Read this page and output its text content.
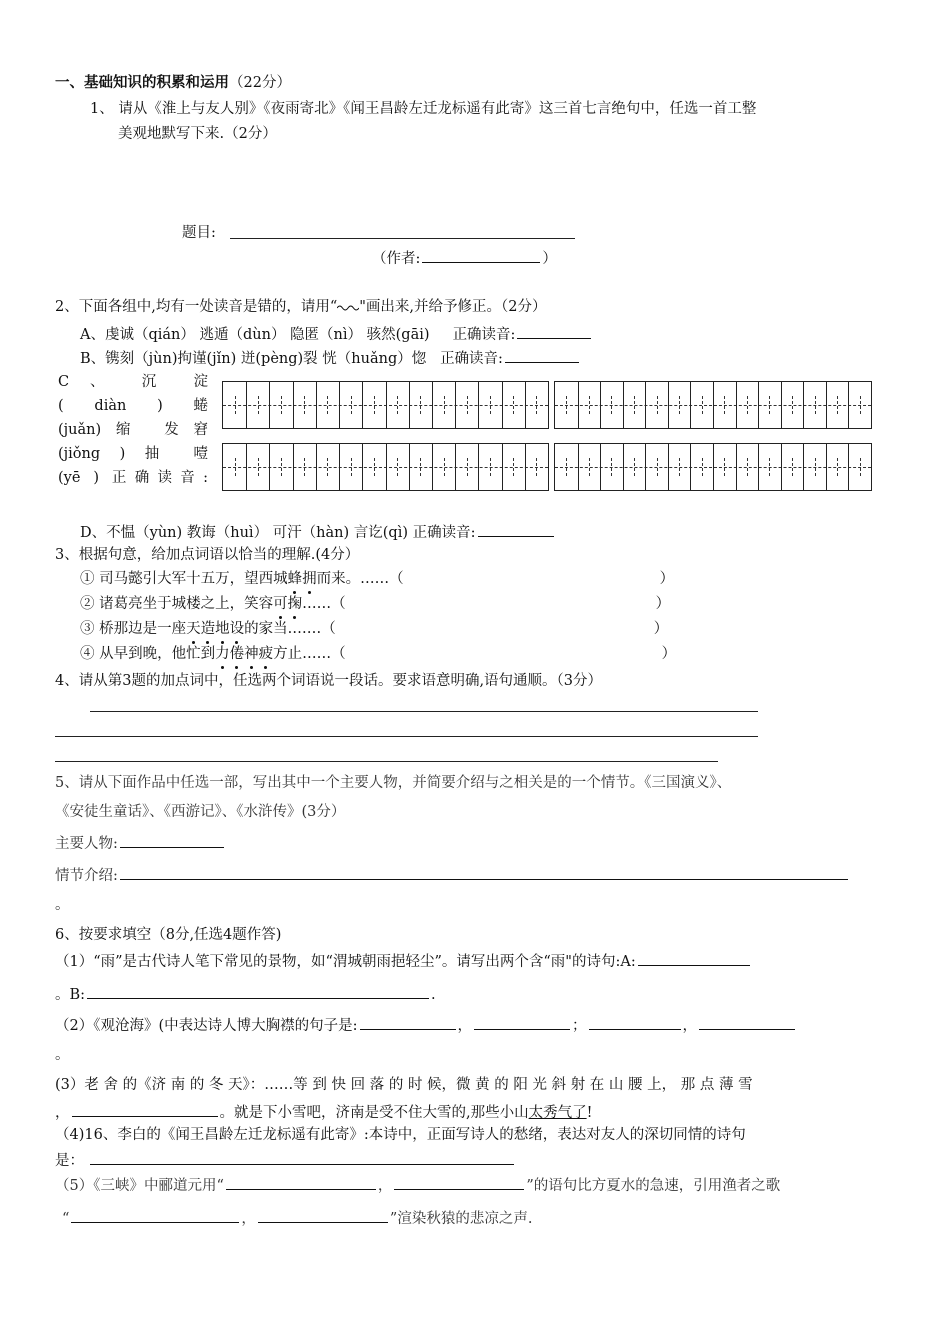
一、基础知识的积累和运用（22分）
1、 请从《淮上与友人别》《夜雨寄北》《闻王昌龄左迁龙标遥有此寄》这三首七言绝句中，任选一首工整
美观地默写下来.（2分）
题目:
（作者:	）
2、下面各组中,均有一处读音是错的，请用“ "画出来,并给予修正。（2分）
A、虔诚（qián） 逃遁（dùn） 隐匿（nì） 骇然(gāi) 正确读音:
B、镌刻（jùn)拘谨(jǐn) 迸(pèng)裂 恍（huǎng）惚 正确读音:
C 、 沉 淀
( diàn ) 蜷
(juǎn)缩 发窘
(jiǒng ) 抽 噎
(yē ) 正确读音:
D、不愠（yùn) 教诲（huì） 可汗（hàn) 言讫(qì) 正确读音:
3、根据句意，给加点词语以恰当的理解.(4分）
① 司马懿引大军十五万，望西城蜂拥而来。……（	）
② 诸葛亮坐于城楼之上，笑容可掬……（	）
③ 桥那边是一座天造地设的家当.……（	）
④ 从早到晚，他忙到力倦神疲方止……（	）
4、请从第3题的加点词中，任选两个词语说一段话。要求语意明确,语句通顺。（3分）
5、请从下面作品中任选一部，写出其中一个主要人物，并简要介绍与之相关是的一个情节。《三国演义》、
《安徒生童话》、《西游记》、《水浒传》(3分）
主要人物:
情节介绍:
。
6、按要求填空（8分,任选4题作答)
（1）“雨”是古代诗人笔下常见的景物，如“渭城朝雨挹轻尘”。请写出两个含“雨"的诗句:A:
。B:	.
（2）《观沧海》(中表达诗人博大胸襟的句子是:	，	；	，
。
(3）老 舍 的《济 南 的 冬 天》：……等 到 快 回 落 的 时 候，微 黄 的 阳 光 斜 射 在 山 腰 上， 那 点 薄 雪
，	。就是下小雪吧，济南是受不住大雪的,那些小山太秀气了!
（4)16、李白的《闻王昌龄左迁龙标遥有此寄》:本诗中，正面写诗人的愁绪，表达对友人的深切同情的诗句
是：
（5）《三峡》中郦道元用“	，	”的语句比方夏水的急速，引用渔者之歌
“	，	”渲染秋猿的悲凉之声.
